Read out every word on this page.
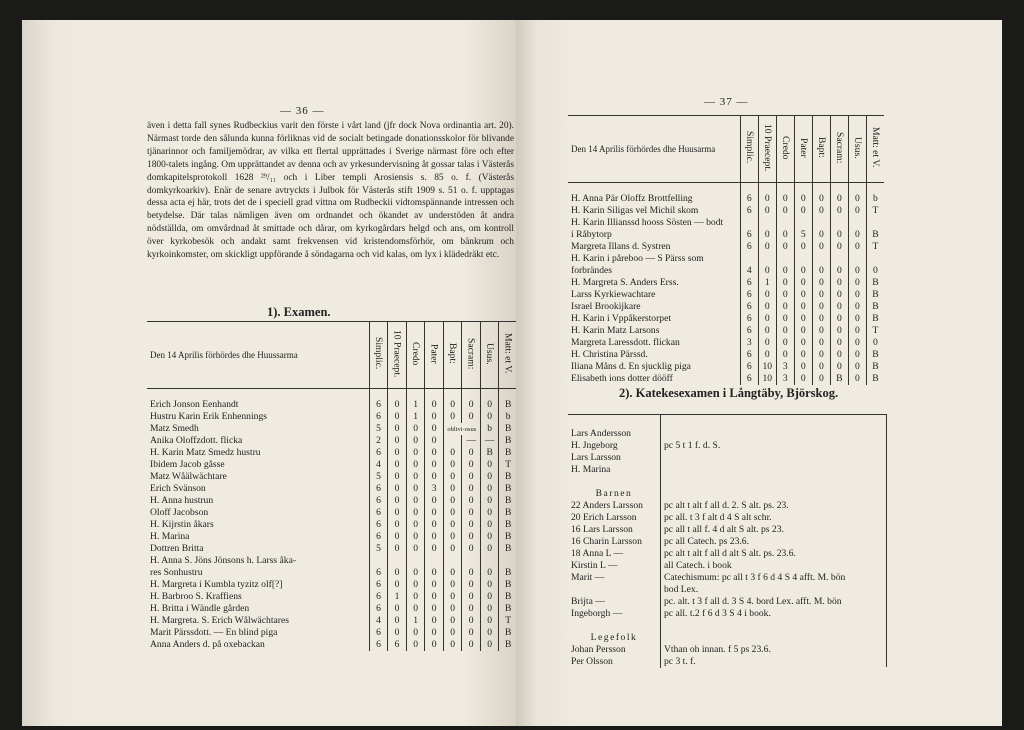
— 36 —
även i detta fall synes Rudbeckius varit den förste i vårt land (jfr dock Nova ordinantia art. 20). Närmast torde den sålunda kunna förliknas vid de socialt betingade donationsskolor för blivande tjänarinnor och familjemödrar, av vilka ett flertal upprättades i Sverige närmast före och efter 1800-talets ingång. Om upprättandet av denna och av yrkesundervisning åt gossar talas i Västerås domkapitelsprotokoll 1628 ²⁹/₁₁ och i Liber templi Arosiensis s. 85 o. f. (Västerås domkyrkoarkiv). Enär de senare avtryckts i Julbok för Västerås stift 1909 s. 51 o. f. upptagas dessa acta ej här, trots det de i speciell grad vittna om Rudbeckii vidtomspännande intressen och betydelse. Där talas nämligen även om ordnandet och ökandet av understöden åt andra nödställda, om omvårdnad åt smittade och dårar, om kyrkogårdars helgd och ans, om kontroll över kyrkobesök och andakt samt frekvensen vid kristendomsförhör, om bänkrum och kyrkoinkomster, om skickligt uppförande å söndagarna och vid kalas, om lyx i klädedräkt etc.
1). Examen.
Den 14 Aprilis förhördes dhe Huussarma	Simplic.	10 Praecept.	Credo	Pater	Bapt:	Sacram:	Usus.	Matt: et V.
Erich Jonson Eenhandt	6	0	1	0	0	0	0	B
Hustru Karin Erik Enhennings	6	0	1	0	0	0	0	b
Matz Smedh	5	0	0	0	oblivi-osus		b	B
Anika Oloffzdott. flicka	2	0	0	0		—	—	B
H. Karin Matz Smedz hustru	6	0	0	0	0	0	B	B
Ibidem Jacob gåsse	4	0	0	0	0	0	0	T
Matz Wåälwächtare	5	0	0	0	0	0	0	B
Erich Svänson	6	0	0	3	0	0	0	B
H. Anna hustrun	6	0	0	0	0	0	0	B
Oloff Jacobson	6	0	0	0	0	0	0	B
H. Kijrstin åkars	6	0	0	0	0	0	0	B
H. Marina	6	0	0	0	0	0	0	B
Dottren Britta	5	0	0	0	0	0	0	B
H. Anna S. Jöns Jönsons h. Larss åka-								
res Sonhustru	6	0	0	0	0	0	0	B
H. Margreta i Kumbla tyzitz olf[?]	6	0	0	0	0	0	0	B
H. Barbroo S. Kraffiens	6	1	0	0	0	0	0	B
H. Britta i Wändle gården	6	0	0	0	0	0	0	B
H. Margreta. S. Erich Wålwächtares	4	0	1	0	0	0	0	T
Marit Pärssdott. — En blind piga	6	0	0	0	0	0	0	B
Anna Anders d. på oxebackan	6	6	0	0	0	0	0	B
— 37 —
Den 14 Aprilis förhördes dhe Huusarma	Simplic.	10 Praecept.	Credo	Pater	Bapt:	Sacram:	Usus.	Matt: et V.
H. Anna Pär Oloffz Brottfelling	6	0	0	0	0	0	0	b
H. Karin Siligas vel Michil skom	6	0	0	0	0	0	0	T
H. Karin Illianssd hooss Sösten — bodt								
i Råbytorp	6	0	0	5	0	0	0	B
Margreta Illans d. Systren	6	0	0	0	0	0	0	T
H. Karin i påreboo — S Pärss som								
forbrändes	4	0	0	0	0	0	0	0
H. Margreta S. Anders Erss.	6	1	0	0	0	0	0	B
Larss Kyrkiewachtare	6	0	0	0	0	0	0	B
Israel Brookijkare	6	0	0	0	0	0	0	B
H. Karin i Vppåkerstorpet	6	0	0	0	0	0	0	B
H. Karin Matz Larsons	6	0	0	0	0	0	0	T
Margreta Laressdott. flickan	3	0	0	0	0	0	0	0
H. Christina Pärssd.	6	0	0	0	0	0	0	B
Iliana Måns d. En sjucklig piga	6	10	3	0	0	0	0	B
Elisabeth ions dotter dööff	6	10	3	0	0	B	0	B
2). Katekesexamen i Långtäby, Björskog.
Lars Andersson	
H. Jngeborg	pc 5 t 1 f. d. S.
Lars Larsson	
H. Marina	

Barnen	
22 Anders Larsson	pc alt t alt f all d. 2. S alt. ps. 23.
20 Erich Larsson	pc all. t 3 f alt d 4 S alt schr.
16 Lars Larsson	pc all t all f. 4 d alt S alt. ps 23.
16 Charin Larsson	pc all Catech. ps 23.6.
18 Anna L —	pc alt t alt f all d alt S alt. ps. 23.6.
Kirstin L —	all Catech. i book
Marit —	Catechismum: pc all t 3 f 6 d 4 S 4 afft. M. bön
	bod Lex.
Brijta —	pc. alt. t 3 f all d. 3 S 4. bord Lex. afft. M. bön
Ingeborgh —	pc all. t.2 f 6 d 3 S 4 i book.

Legefolk	
Johan Persson	Vthan oh innan. f 5 ps 23.6.
Per Olsson	pc 3 t. f.
